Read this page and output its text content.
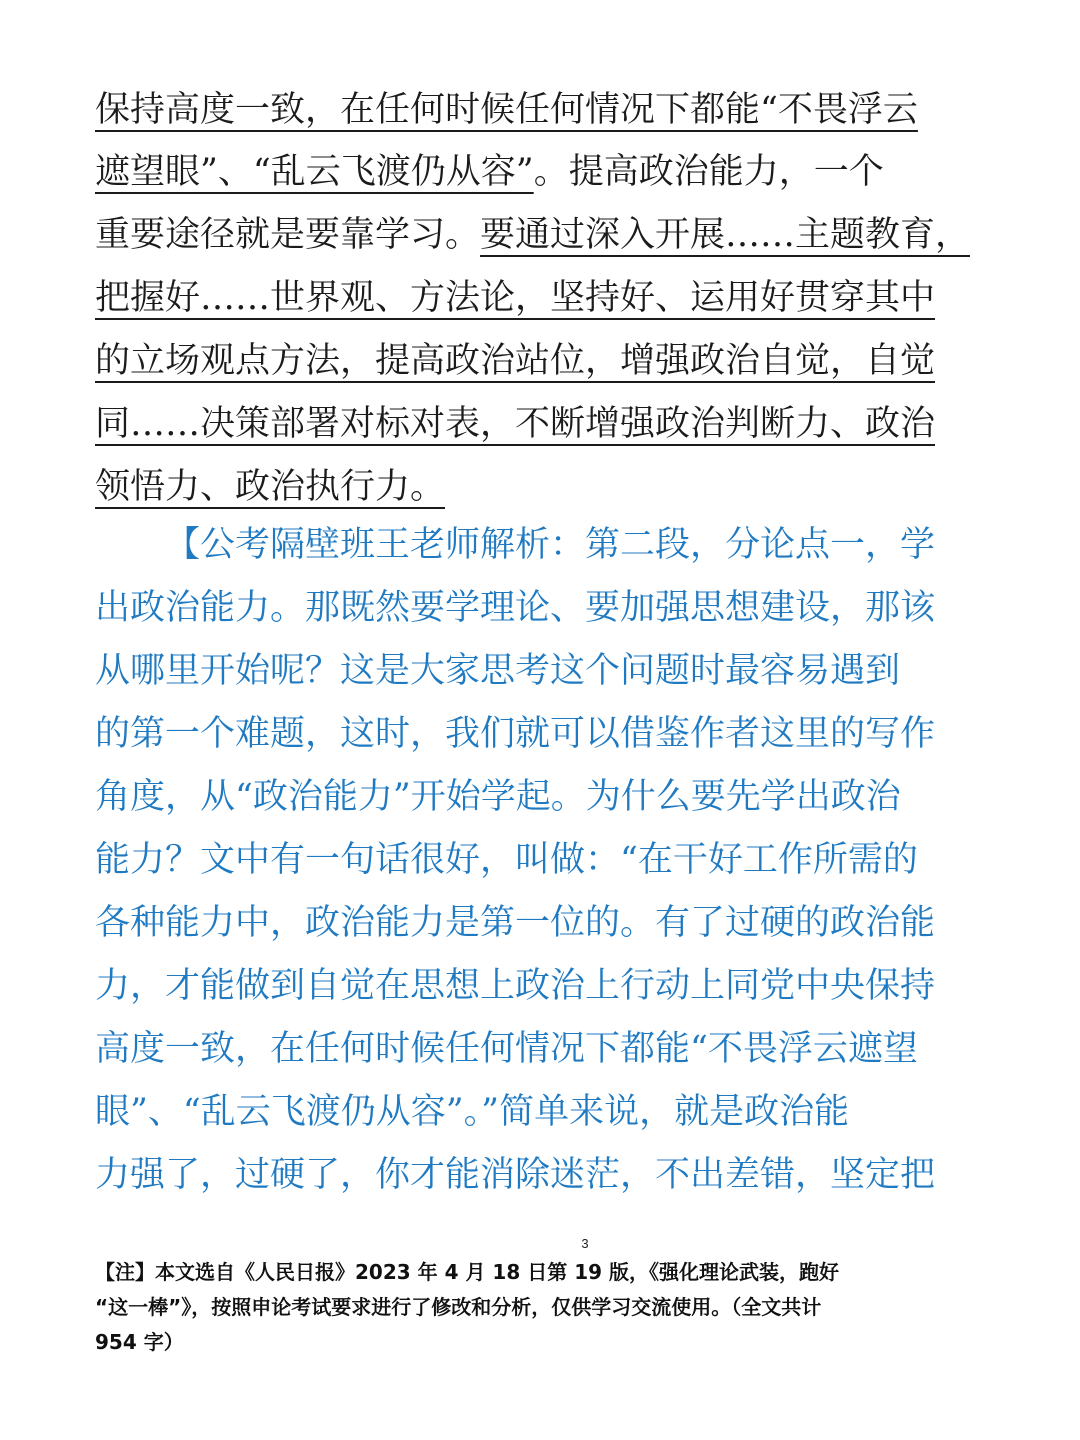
保持高度一致，在任何时候任何情况下都能“不畏浮云
遮望眼”、“乱云飞渡仍从容”。提高政治能力，一个
重要途径就是要靠学习。要通过深入开展……主题教育，
把握好……世界观、方法论，坚持好、运用好贯穿其中
的立场观点方法，提高政治站位，增强政治自觉，自觉
同……决策部署对标对表，不断增强政治判断力、政治
领悟力、政治执行力。
【公考隔壁班王老师解析：第二段，分论点一，学
出政治能力。那既然要学理论、要加强思想建设，那该
从哪里开始呢？这是大家思考这个问题时最容易遇到
的第一个难题，这时，我们就可以借鉴作者这里的写作
角度，从“政治能力”开始学起。为什么要先学出政治
能力？文中有一句话很好，叫做：“在干好工作所需的
各种能力中，政治能力是第一位的。有了过硬的政治能
力，才能做到自觉在思想上政治上行动上同党中央保持
高度一致，在任何时候任何情况下都能“不畏浮云遮望
眼”、“乱云飞渡仍从容”。”简单来说，就是政治能
力强了，过硬了，你才能消除迷茫，不出差错，坚定把
3
【注】本文选自《人民日报》2023 年 4 月 18 日第 19 版，《强化理论武装，跑好
“这一棒”》，按照申论考试要求进行了修改和分析，仅供学习交流使用。（全文共计
954 字）
